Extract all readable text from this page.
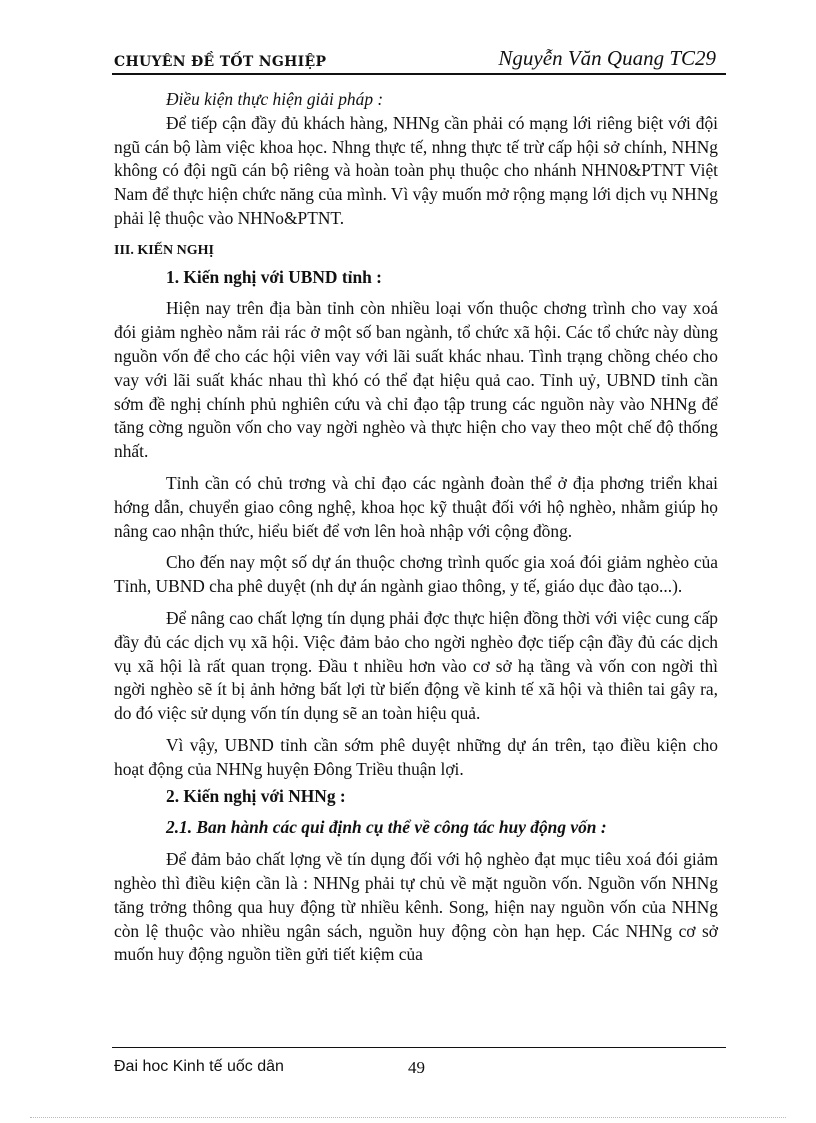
CHUYÊN ĐỀ TỐT NGHIỆP	Nguyễn Văn Quang TC29

Điều kiện thực hiện giải pháp :

Để tiếp cận đầy đủ khách hàng, NHNg cần phải có mạng lới riêng biệt với đội ngũ cán bộ làm việc khoa học. Nhng thực tế, nhng thực tế trừ cấp hội sở chính, NHNg không có đội ngũ cán bộ riêng và hoàn toàn phụ thuộc cho nhánh NHN0&PTNT Việt Nam để thực hiện chức năng của mình. Vì vậy muốn mở rộng mạng lới dịch vụ NHNg phải lệ thuộc vào NHNo&PTNT.

III. KIẾN NGHỊ

1. Kiến nghị với UBND tỉnh :

Hiện nay trên địa bàn tỉnh còn nhiều loại vốn thuộc chơng trình cho vay xoá đói giảm nghèo nằm rải rác ở một số ban ngành, tổ chức xã hội. Các tổ chức này dùng nguồn vốn để cho các hội viên vay với lãi suất khác nhau. Tình trạng chồng chéo cho vay với lãi suất khác nhau thì khó có thể đạt hiệu quả cao. Tỉnh uỷ, UBND tỉnh cần sớm đề nghị chính phủ nghiên cứu và chỉ đạo tập trung các nguồn này vào NHNg để tăng cờng nguồn vốn cho vay ngời nghèo và thực hiện cho vay theo một chế độ thống nhất.

Tỉnh cần có chủ trơng và chỉ đạo các ngành đoàn thể ở địa phơng triển khai hớng dẫn, chuyển giao công nghệ, khoa học kỹ thuật đối với hộ nghèo, nhằm giúp họ nâng cao nhận thức, hiểu biết để vơn lên hoà nhập với cộng đồng.

Cho đến nay một số dự án thuộc chơng trình quốc gia xoá đói giảm nghèo của Tỉnh, UBND cha phê duyệt (nh dự án ngành giao thông, y tế, giáo dục đào tạo...).

Để nâng cao chất lợng tín dụng phải đợc thực hiện đồng thời với việc cung cấp đầy đủ các dịch vụ xã hội. Việc đảm bảo cho ngời nghèo đợc tiếp cận đầy đủ các dịch vụ xã hội là rất quan trọng. Đầu t nhiều hơn vào cơ sở hạ tầng và vốn con ngời thì ngời nghèo sẽ ít bị ảnh hởng bất lợi từ biến động về kinh tế xã hội và thiên tai gây ra, do đó việc sử dụng vốn tín dụng sẽ an toàn hiệu quả.

Vì vậy, UBND tỉnh cần sớm phê duyệt những dự án trên, tạo điều kiện cho hoạt động của NHNg huyện Đông Triều thuận lợi.

2. Kiến nghị với NHNg :

2.1. Ban hành các qui định cụ thể về công tác huy động vốn :

Để đảm bảo chất lợng về tín dụng đối với hộ nghèo đạt mục tiêu xoá đói giảm nghèo thì điều kiện cần là : NHNg phải tự chủ về mặt nguồn vốn. Nguồn vốn NHNg tăng trởng thông qua huy động từ nhiều kênh. Song, hiện nay nguồn vốn của NHNg còn lệ thuộc vào nhiều ngân sách, nguồn huy động còn hạn hẹp. Các NHNg cơ sở muốn huy động nguồn tiền gửi tiết kiệm của

Đai hoc Kinh tế uốc dân	49
